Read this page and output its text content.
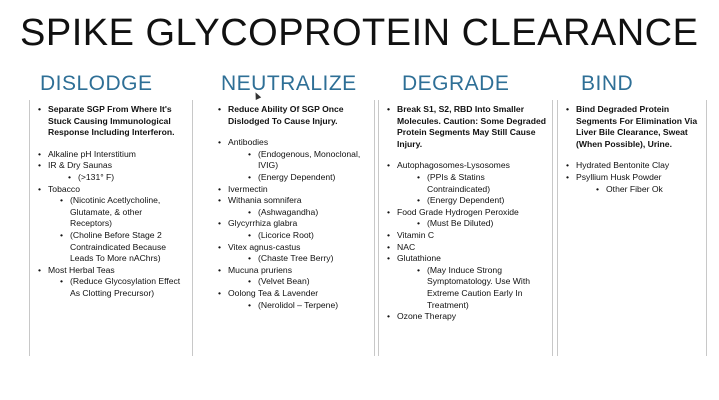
SPIKE GLYCOPROTEIN CLEARANCE
DISLODGE	NEUTRALIZE DEGRADE	BIND
• Separate SGP From Where It's Stuck Causing Immunological Response Including Interferon.
• Alkaline pH Interstitium
• IR & Dry Saunas
• (>131° F)
• Tobacco
• (Nicotinic Acetlycholine, Glutamate, & other Receptors)
• (Choline Before Stage 2 Contraindicated Because Leads To More nAChrs)
• Most Herbal Teas
• (Reduce Glycosylation Effect As Clotting Precursor)
• Reduce Ability Of SGP Once Dislodged To Cause Injury.
• Antibodies
• (Endogenous, Monoclonal, IVIG)
• (Energy Dependent)
• Ivermectin
• Withania somnifera
• (Ashwagandha)
• Glycyrrhiza glabra
• (Licorice Root)
• Vitex agnus-castus
• (Chaste Tree Berry)
• Mucuna pruriens
• (Velvet Bean)
• Oolong Tea & Lavender
• (Nerolidol – Terpene)
• Break S1, S2, RBD Into Smaller Molecules. Caution: Some Degraded Protein Segments May Still Cause Injury.
• Autophagosomes-Lysosomes
• (PPIs & Statins Contraindicated)
• (Energy Dependent)
• Food Grade Hydrogen Peroxide
• (Must Be Diluted)
• Vitamin C
• NAC
• Glutathione
• (May Induce Strong Symptomatology. Use With Extreme Caution Early In Treatment)
• Ozone Therapy
• Bind Degraded Protein Segments For Elimination Via Liver Bile Clearance, Sweat (When Possible), Urine.
• Hydrated Bentonite Clay
• Psyllium Husk Powder
• Other Fiber Ok
